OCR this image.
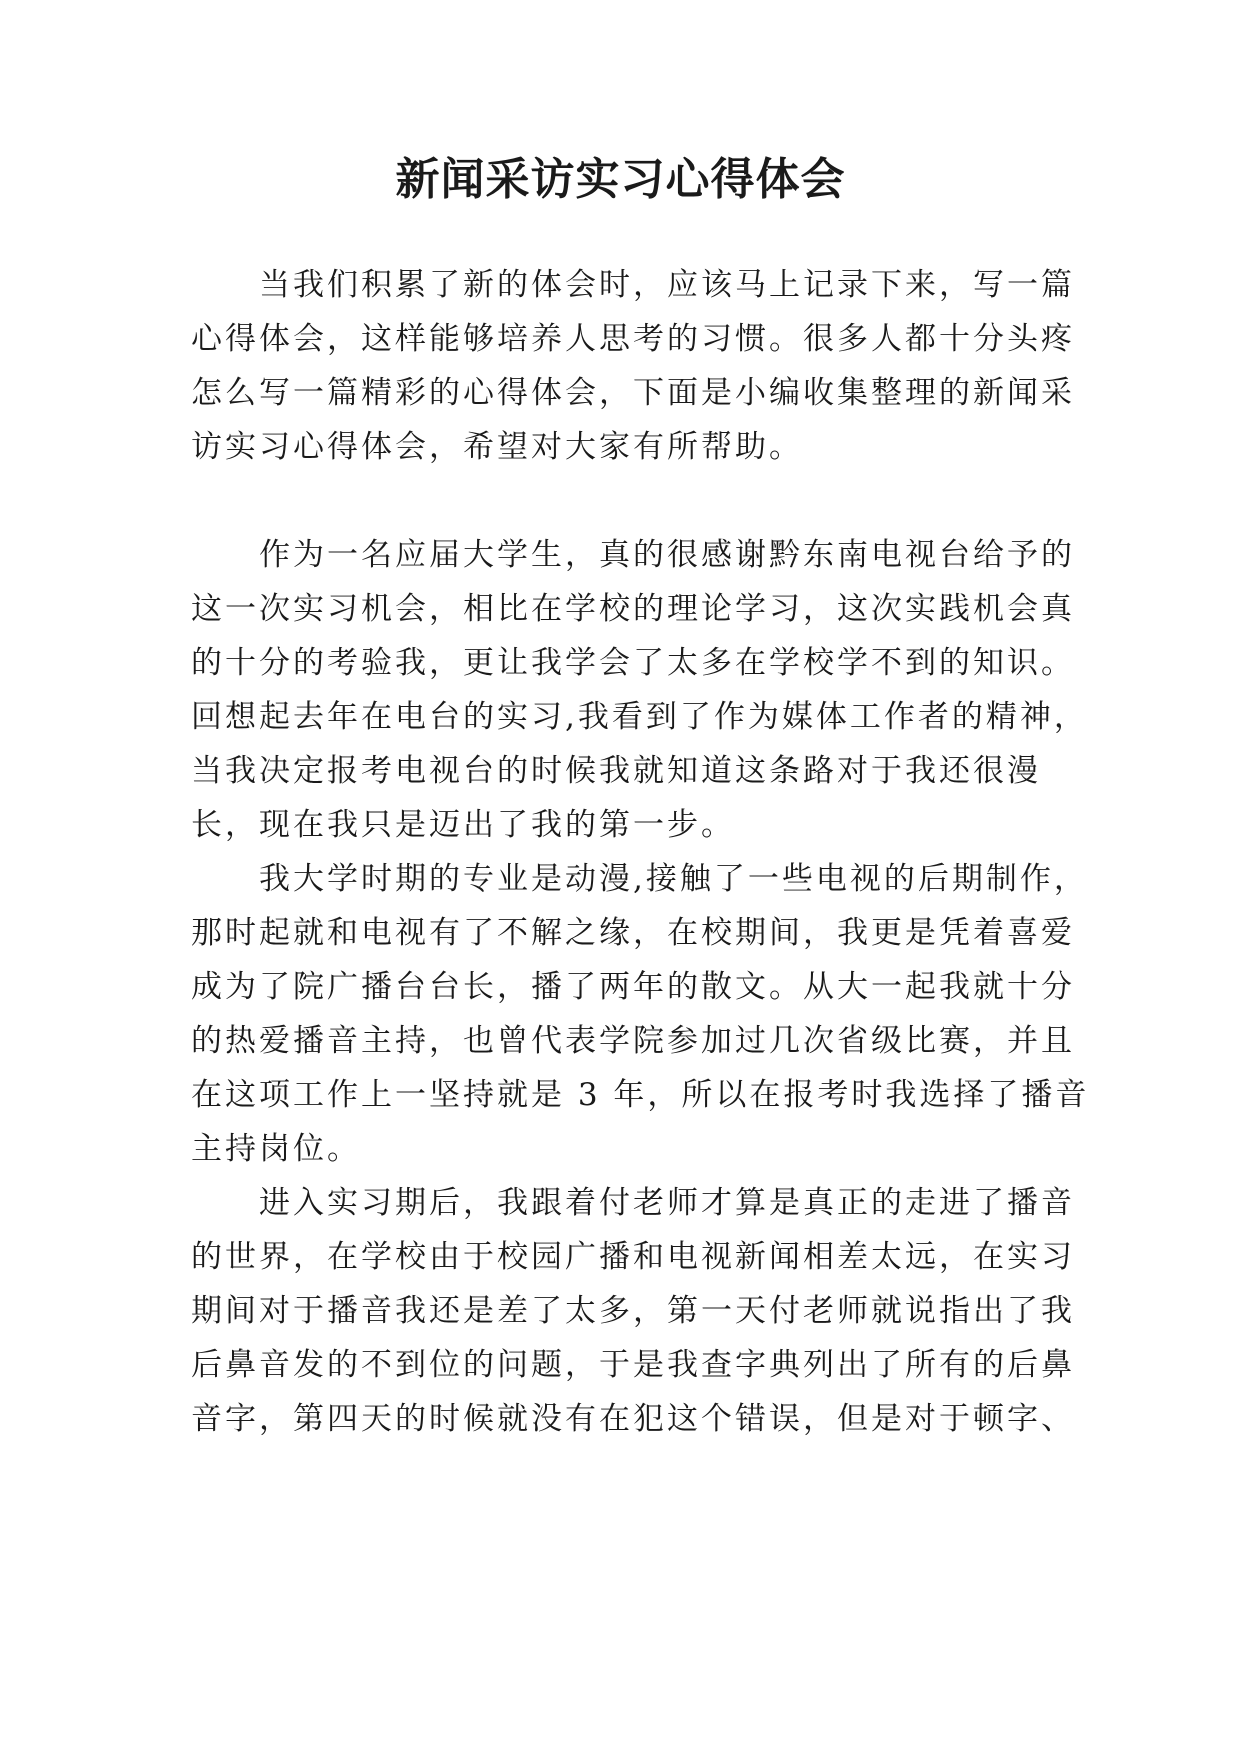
新闻采访实习心得体会

当我们积累了新的体会时，应该马上记录下来，写一篇

心得体会，这样能够培养人思考的习惯。很多人都十分头疼

怎么写一篇精彩的心得体会，下面是小编收集整理的新闻采

访实习心得体会，希望对大家有所帮助。

作为一名应届大学生，真的很感谢黔东南电视台给予的

这一次实习机会，相比在学校的理论学习，这次实践机会真

的十分的考验我，更让我学会了太多在学校学不到的知识。

回想起去年在电台的实习,我看到了作为媒体工作者的精神，

当我决定报考电视台的时候我就知道这条路对于我还很漫

长，现在我只是迈出了我的第一步。

我大学时期的专业是动漫,接触了一些电视的后期制作，

那时起就和电视有了不解之缘，在校期间，我更是凭着喜爱

成为了院广播台台长，播了两年的散文。从大一起我就十分

的热爱播音主持，也曾代表学院参加过几次省级比赛，并且

在这项工作上一坚持就是 3 年，所以在报考时我选择了播音

主持岗位。

进入实习期后，我跟着付老师才算是真正的走进了播音

的世界，在学校由于校园广播和电视新闻相差太远，在实习

期间对于播音我还是差了太多，第一天付老师就说指出了我

后鼻音发的不到位的问题，于是我查字典列出了所有的后鼻

音字，第四天的时候就没有在犯这个错误，但是对于顿字、
